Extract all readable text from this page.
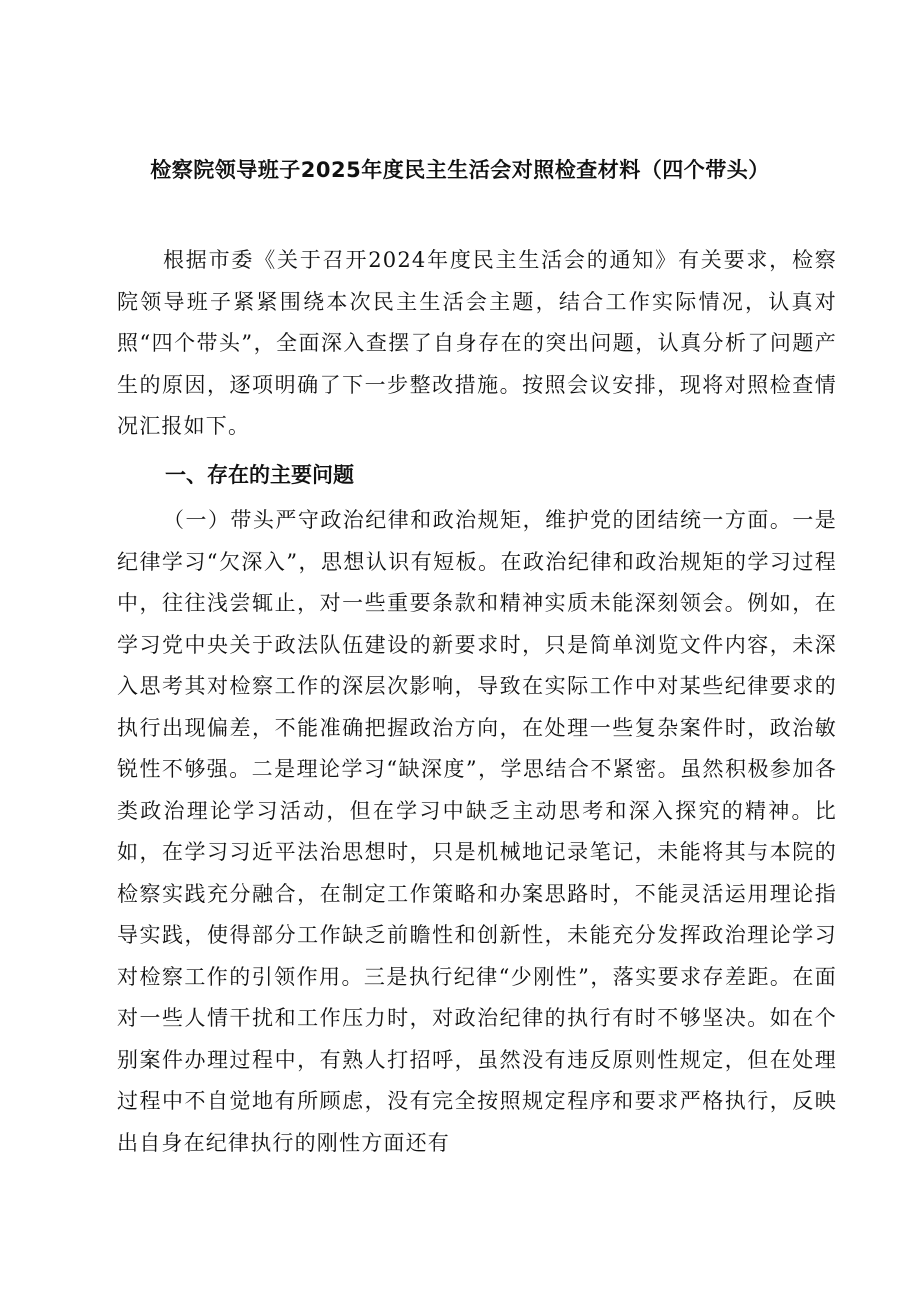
检察院领导班子2025年度民主生活会对照检查材料（四个带头）

根据市委《关于召开2024年度民主生活会的通知》有关要求，检察院领导班子紧紧围绕本次民主生活会主题，结合工作实际情况，认真对照“四个带头”，全面深入查摆了自身存在的突出问题，认真分析了问题产生的原因，逐项明确了下一步整改措施。按照会议安排，现将对照检查情况汇报如下。

一、存在的主要问题

（一）带头严守政治纪律和政治规矩，维护党的团结统一方面。一是纪律学习“欠深入”，思想认识有短板。在政治纪律和政治规矩的学习过程中，往往浅尝辄止，对一些重要条款和精神实质未能深刻领会。例如，在学习党中央关于政法队伍建设的新要求时，只是简单浏览文件内容，未深入思考其对检察工作的深层次影响，导致在实际工作中对某些纪律要求的执行出现偏差，不能准确把握政治方向，在处理一些复杂案件时，政治敏锐性不够强。二是理论学习“缺深度”，学思结合不紧密。虽然积极参加各类政治理论学习活动，但在学习中缺乏主动思考和深入探究的精神。比如，在学习习近平法治思想时，只是机械地记录笔记，未能将其与本院的检察实践充分融合，在制定工作策略和办案思路时，不能灵活运用理论指导实践，使得部分工作缺乏前瞻性和创新性，未能充分发挥政治理论学习对检察工作的引领作用。三是执行纪律“少刚性”，落实要求存差距。在面对一些人情干扰和工作压力时，对政治纪律的执行有时不够坚决。如在个别案件办理过程中，有熟人打招呼，虽然没有违反原则性规定，但在处理过程中不自觉地有所顾虑，没有完全按照规定程序和要求严格执行，反映出自身在纪律执行的刚性方面还有
